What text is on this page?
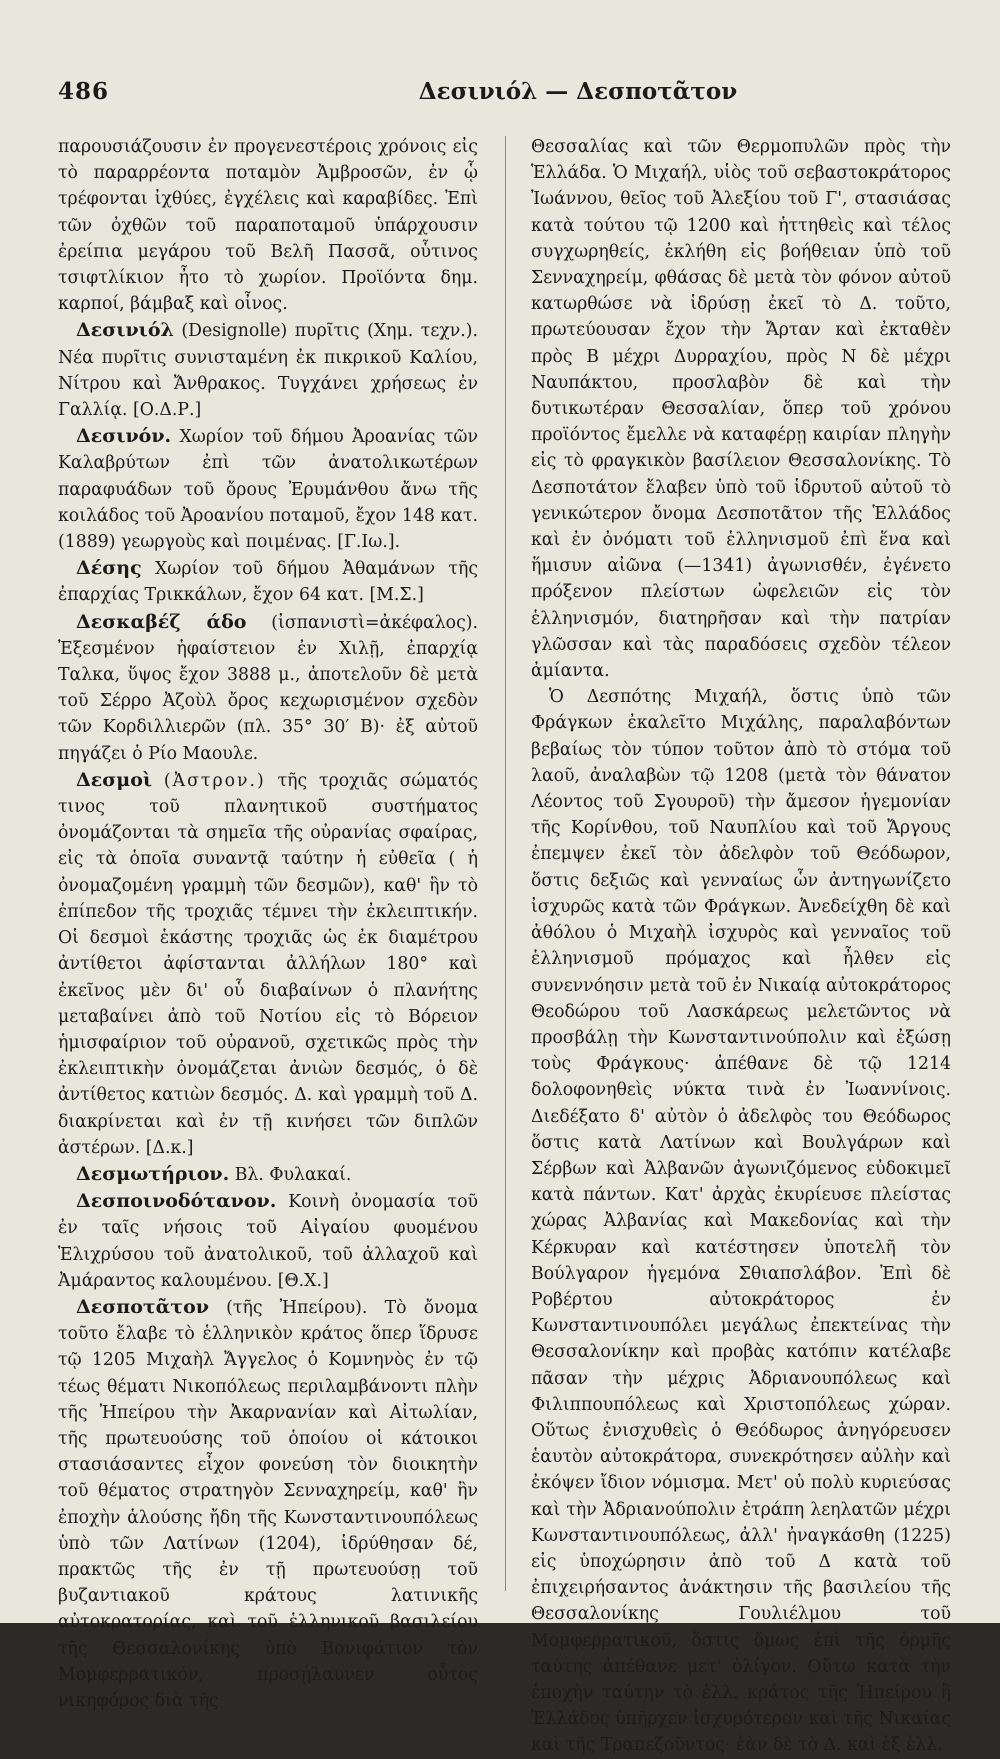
486	Δεσινιόλ — Δεσποτᾶτον

παρουσιάζουσιν ἐν προγενεστέροις χρόνοις εἰς τὸ παραρρέοντα ποταμὸν Ἀμβροσῶν, ἐν ᾧ τρέφονται ἰχθύες, ἐγχέλεις καὶ καραβίδες. Ἐπὶ τῶν ὀχθῶν τοῦ παραποταμοῦ ὑπάρχουσιν ἐρείπια μεγάρου τοῦ Βελῆ Πασσᾶ, οὗτινος τσιφτλίκιον ἦτο τὸ χωρίον. Προϊόντα δημ. καρποί, βάμβαξ καὶ οἶνος.

Δεσινιόλ (Designolle) πυρῖτις (Χημ. τεχν.). Νέα πυρῖτις συνισταμένη ἐκ πικρικοῦ Καλίου, Νίτρου καὶ Ἄνθρακος. Τυγχάνει χρήσεως ἐν Γαλλίᾳ. [Ο.Δ.Ρ.]

Δεσινόν. Χωρίον τοῦ δήμου Ἀροανίας τῶν Καλαβρύτων ἐπὶ τῶν ἀνατολικωτέρων παραφυάδων τοῦ ὄρους Ἐρυμάνθου ἄνω τῆς κοιλάδος τοῦ Ἀροανίου ποταμοῦ, ἔχον 148 κατ. (1889) γεωργοὺς καὶ ποιμένας. [Γ.Ιω.].

Δέσης Χωρίον τοῦ δήμου Ἀθαμάνων τῆς ἐπαρχίας Τρικκάλων, ἔχον 64 κατ. [Μ.Σ.]

Δεσκαβέζ άδο (ἰσπανιστὶ=ἀκέφαλος). Ἐξεσμένον ἡφαίστειον ἐν Χιλῇ, ἐπαρχίᾳ Ταλκα, ὕψος ἔχον 3888 μ., ἀποτελοῦν δὲ μετὰ τοῦ Σέρρο Ἀζοὺλ ὄρος κεχωρισμένον σχεδὸν τῶν Κορδιλλιερῶν (πλ. 35° 30′ Β)· ἐξ αὐτοῦ πηγάζει ὁ Ρίο Μαουλε.

Δεσμοὶ (Ἀστρον.) τῆς τροχιᾶς σώματός τινος τοῦ πλανητικοῦ συστήματος ὀνομάζονται τὰ σημεῖα τῆς οὐρανίας σφαίρας, εἰς τὰ ὁποῖα συναντᾷ ταύτην ἡ εὐθεῖα ( ἡ ὀνομαζομένη γραμμὴ τῶν δεσμῶν), καθ' ἣν τὸ ἐπίπεδον τῆς τροχιᾶς τέμνει τὴν ἐκλειπτικήν. Οἱ δεσμοὶ ἑκάστης τροχιᾶς ὡς ἐκ διαμέτρου ἀντίθετοι ἀφίστανται ἀλλήλων 180° καὶ ἐκεῖνος μὲν δι' οὗ διαβαίνων ὁ πλανήτης μεταβαίνει ἀπὸ τοῦ Νοτίου εἰς τὸ Βόρειον ἡμισφαίριον τοῦ οὐρανοῦ, σχετικῶς πρὸς τὴν ἐκλειπτικὴν ὀνομάζεται ἀνιὼν δεσμός, ὁ δὲ ἀντίθετος κατιὼν δεσμός. Δ. καὶ γραμμὴ τοῦ Δ. διακρίνεται καὶ ἐν τῇ κινήσει τῶν διπλῶν ἀστέρων. [Δ.κ.]

Δεσμωτήριον. Βλ. Φυλακαί.

Δεσποινοδότανον. Κοινὴ ὀνομασία τοῦ ἐν ταῖς νήσοις τοῦ Αἰγαίου φυομένου Ἑλιχρύσου τοῦ ἀνατολικοῦ, τοῦ ἀλλαχοῦ καὶ Ἀμάραντος καλουμένου. [Θ.Χ.]

Δεσποτᾶτον (τῆς Ἠπείρου). Τὸ ὄνομα τοῦτο ἔλαβε τὸ ἑλληνικὸν κράτος ὅπερ ἵδρυσε τῷ 1205 Μιχαὴλ Ἄγγελος ὁ Κομνηνὸς ἐν τῷ τέως θέματι Νικοπόλεως περιλαμβάνοντι πλὴν τῆς Ἠπείρου τὴν Ἀκαρνανίαν καὶ Αἰτωλίαν, τῆς πρωτευούσης τοῦ ὁποίου οἱ κάτοικοι στασιάσαντες εἶχον φονεύση τὸν διοικητὴν τοῦ θέματος στρατηγὸν Σενναχηρείμ, καθ' ἣν ἐποχὴν ἁλούσης ἤδη τῆς Κωνσταντινουπόλεως ὑπὸ τῶν Λατίνων (1204), ἱδρύθησαν δέ, πρακτῶς τῆς ἐν τῇ πρωτευούσῃ τοῦ βυζαντιακοῦ κράτους λατινικῆς αὐτοκρατορίας, καὶ τοῦ ἑλληνικοῦ βασιλείου τῆς Θεσσαλονίκης ὑπὸ Βονιφάτιον τὸν Μομφερρατικόν, προσῄλαυνεν οὗτος νικηφόρος διὰ τῆς

Θεσσαλίας καὶ τῶν Θερμοπυλῶν πρὸς τὴν Ἑλλάδα. Ὁ Μιχαήλ, υἱὸς τοῦ σεβαστοκράτορος Ἰωάννου, θεῖος τοῦ Ἀλεξίου τοῦ Γ', στασιάσας κατὰ τούτου τῷ 1200 καὶ ἡττηθεὶς καὶ τέλος συγχωρηθείς, ἐκλήθη εἰς βοήθειαν ὑπὸ τοῦ Σενναχηρείμ, φθάσας δὲ μετὰ τὸν φόνον αὐτοῦ κατωρθώσε νὰ ἱδρύσῃ ἐκεῖ τὸ Δ. τοῦτο, πρωτεύουσαν ἔχον τὴν Ἄρταν καὶ ἐκταθὲν πρὸς Β μέχρι Δυρραχίου, πρὸς Ν δὲ μέχρι Ναυπάκτου, προσλαβὸν δὲ καὶ τὴν δυτικωτέραν Θεσσαλίαν, ὅπερ τοῦ χρόνου προϊόντος ἔμελλε νὰ καταφέρῃ καιρίαν πληγὴν εἰς τὸ φραγκικὸν βασίλειον Θεσσαλονίκης. Τὸ Δεσποτάτον ἔλαβεν ὑπὸ τοῦ ἱδρυτοῦ αὐτοῦ τὸ γενικώτερον ὄνομα Δεσποτᾶτον τῆς Ἑλλάδος καὶ ἐν ὀνόματι τοῦ ἑλληνισμοῦ ἐπὶ ἕνα καὶ ἥμισυν αἰῶνα (—1341) ἀγωνισθέν, ἐγένετο πρόξενον πλείστων ὠφελειῶν εἰς τὸν ἑλληνισμόν, διατηρῆσαν καὶ τὴν πατρίαν γλῶσσαν καὶ τὰς παραδόσεις σχεδὸν τέλεον ἀμίαντα.

Ὁ Δεσπότης Μιχαήλ, ὅστις ὑπὸ τῶν Φράγκων ἐκαλεῖτο Μιχάλης, παραλαβόντων βεβαίως τὸν τύπον τοῦτον ἀπὸ τὸ στόμα τοῦ λαοῦ, ἀναλαβὼν τῷ 1208 (μετὰ τὸν θάνατον Λέοντος τοῦ Σγουροῦ) τὴν ἄμεσον ἡγεμονίαν τῆς Κορίνθου, τοῦ Ναυπλίου καὶ τοῦ Ἄργους ἐπεμψεν ἐκεῖ τὸν ἀδελφὸν τοῦ Θεόδωρον, ὅστις δεξιῶς καὶ γενναίως ὧν ἀντηγωνίζετο ἰσχυρῶς κατὰ τῶν Φράγκων. Ἀνεδείχθη δὲ καὶ ἀθόλου ὁ Μιχαὴλ ἰσχυρὸς καὶ γενναῖος τοῦ ἑλληνισμοῦ πρόμαχος καὶ ἦλθεν εἰς συνεννόησιν μετὰ τοῦ ἐν Νικαίᾳ αὐτοκράτορος Θεοδώρου τοῦ Λασκάρεως μελετῶντος νὰ προσβάλῃ τὴν Κωνσταντινούπολιν καὶ ἐξώσῃ τοὺς Φράγκους· ἀπέθανε δὲ τῷ 1214 δολοφονηθεὶς νύκτα τινὰ ἐν Ἰωαννίνοις. Διεδέξατο δ' αὐτὸν ὁ ἀδελφὸς του Θεόδωρος ὅστις κατὰ Λατίνων καὶ Βουλγάρων καὶ Σέρβων καὶ Ἀλβανῶν ἀγωνιζόμενος εὐδοκιμεῖ κατὰ πάντων. Κατ' ἀρχὰς ἐκυρίευσε πλείστας χώρας Ἀλβανίας καὶ Μακεδονίας καὶ τὴν Κέρκυραν καὶ κατέστησεν ὑποτελῆ τὸν Βούλγαρον ἡγεμόνα Σθιαπσλάβον. Ἐπὶ δὲ Ροβέρτου αὐτοκράτορος ἐν Κωνσταντινουπόλει μεγάλως ἐπεκτείνας τὴν Θεσσαλονίκην καὶ προβὰς κατόπιν κατέλαβε πᾶσαν τὴν μέχρις Ἀδριανουπόλεως καὶ Φιλιππουπόλεως καὶ Χριστοπόλεως χώραν. Οὕτως ἐνισχυθεὶς ὁ Θεόδωρος ἀνηγόρευσεν ἑαυτὸν αὐτοκράτορα, συνεκρότησεν αὐλὴν καὶ ἐκόψεν ἴδιον νόμισμα. Μετ' οὐ πολὺ κυριεύσας καὶ τὴν Ἀδριανούπολιν ἐτράπη λεηλατῶν μέχρι Κωνσταντινουπόλεως, ἀλλ' ἠναγκάσθη (1225) εἰς ὑποχώρησιν ἀπὸ τοῦ Δ κατὰ τοῦ ἐπιχειρήσαντος ἀνάκτησιν τῆς βασιλείου τῆς Θεσσαλονίκης Γουλιέλμου τοῦ Μομφερρατικοῦ, ὅστις ὅμως ἐπὶ τῆς ὁρμῆς ταύτης ἀπέθανε μετ' ὀλίγον. Οὕτω κατὰ τὴν ἐποχὴν ταύτην τὸ ἑλλ. κράτος τῆς Ἠπείρου ἢ Ἑλλάδος ὑπῆρχεν ἰσχυρότερον καὶ τῆς Νικαίας καὶ τῆς Τραπεζοῦντος· ἐὰν δὲ τὸ Δ. καὶ ἐξ ἑλλ.
